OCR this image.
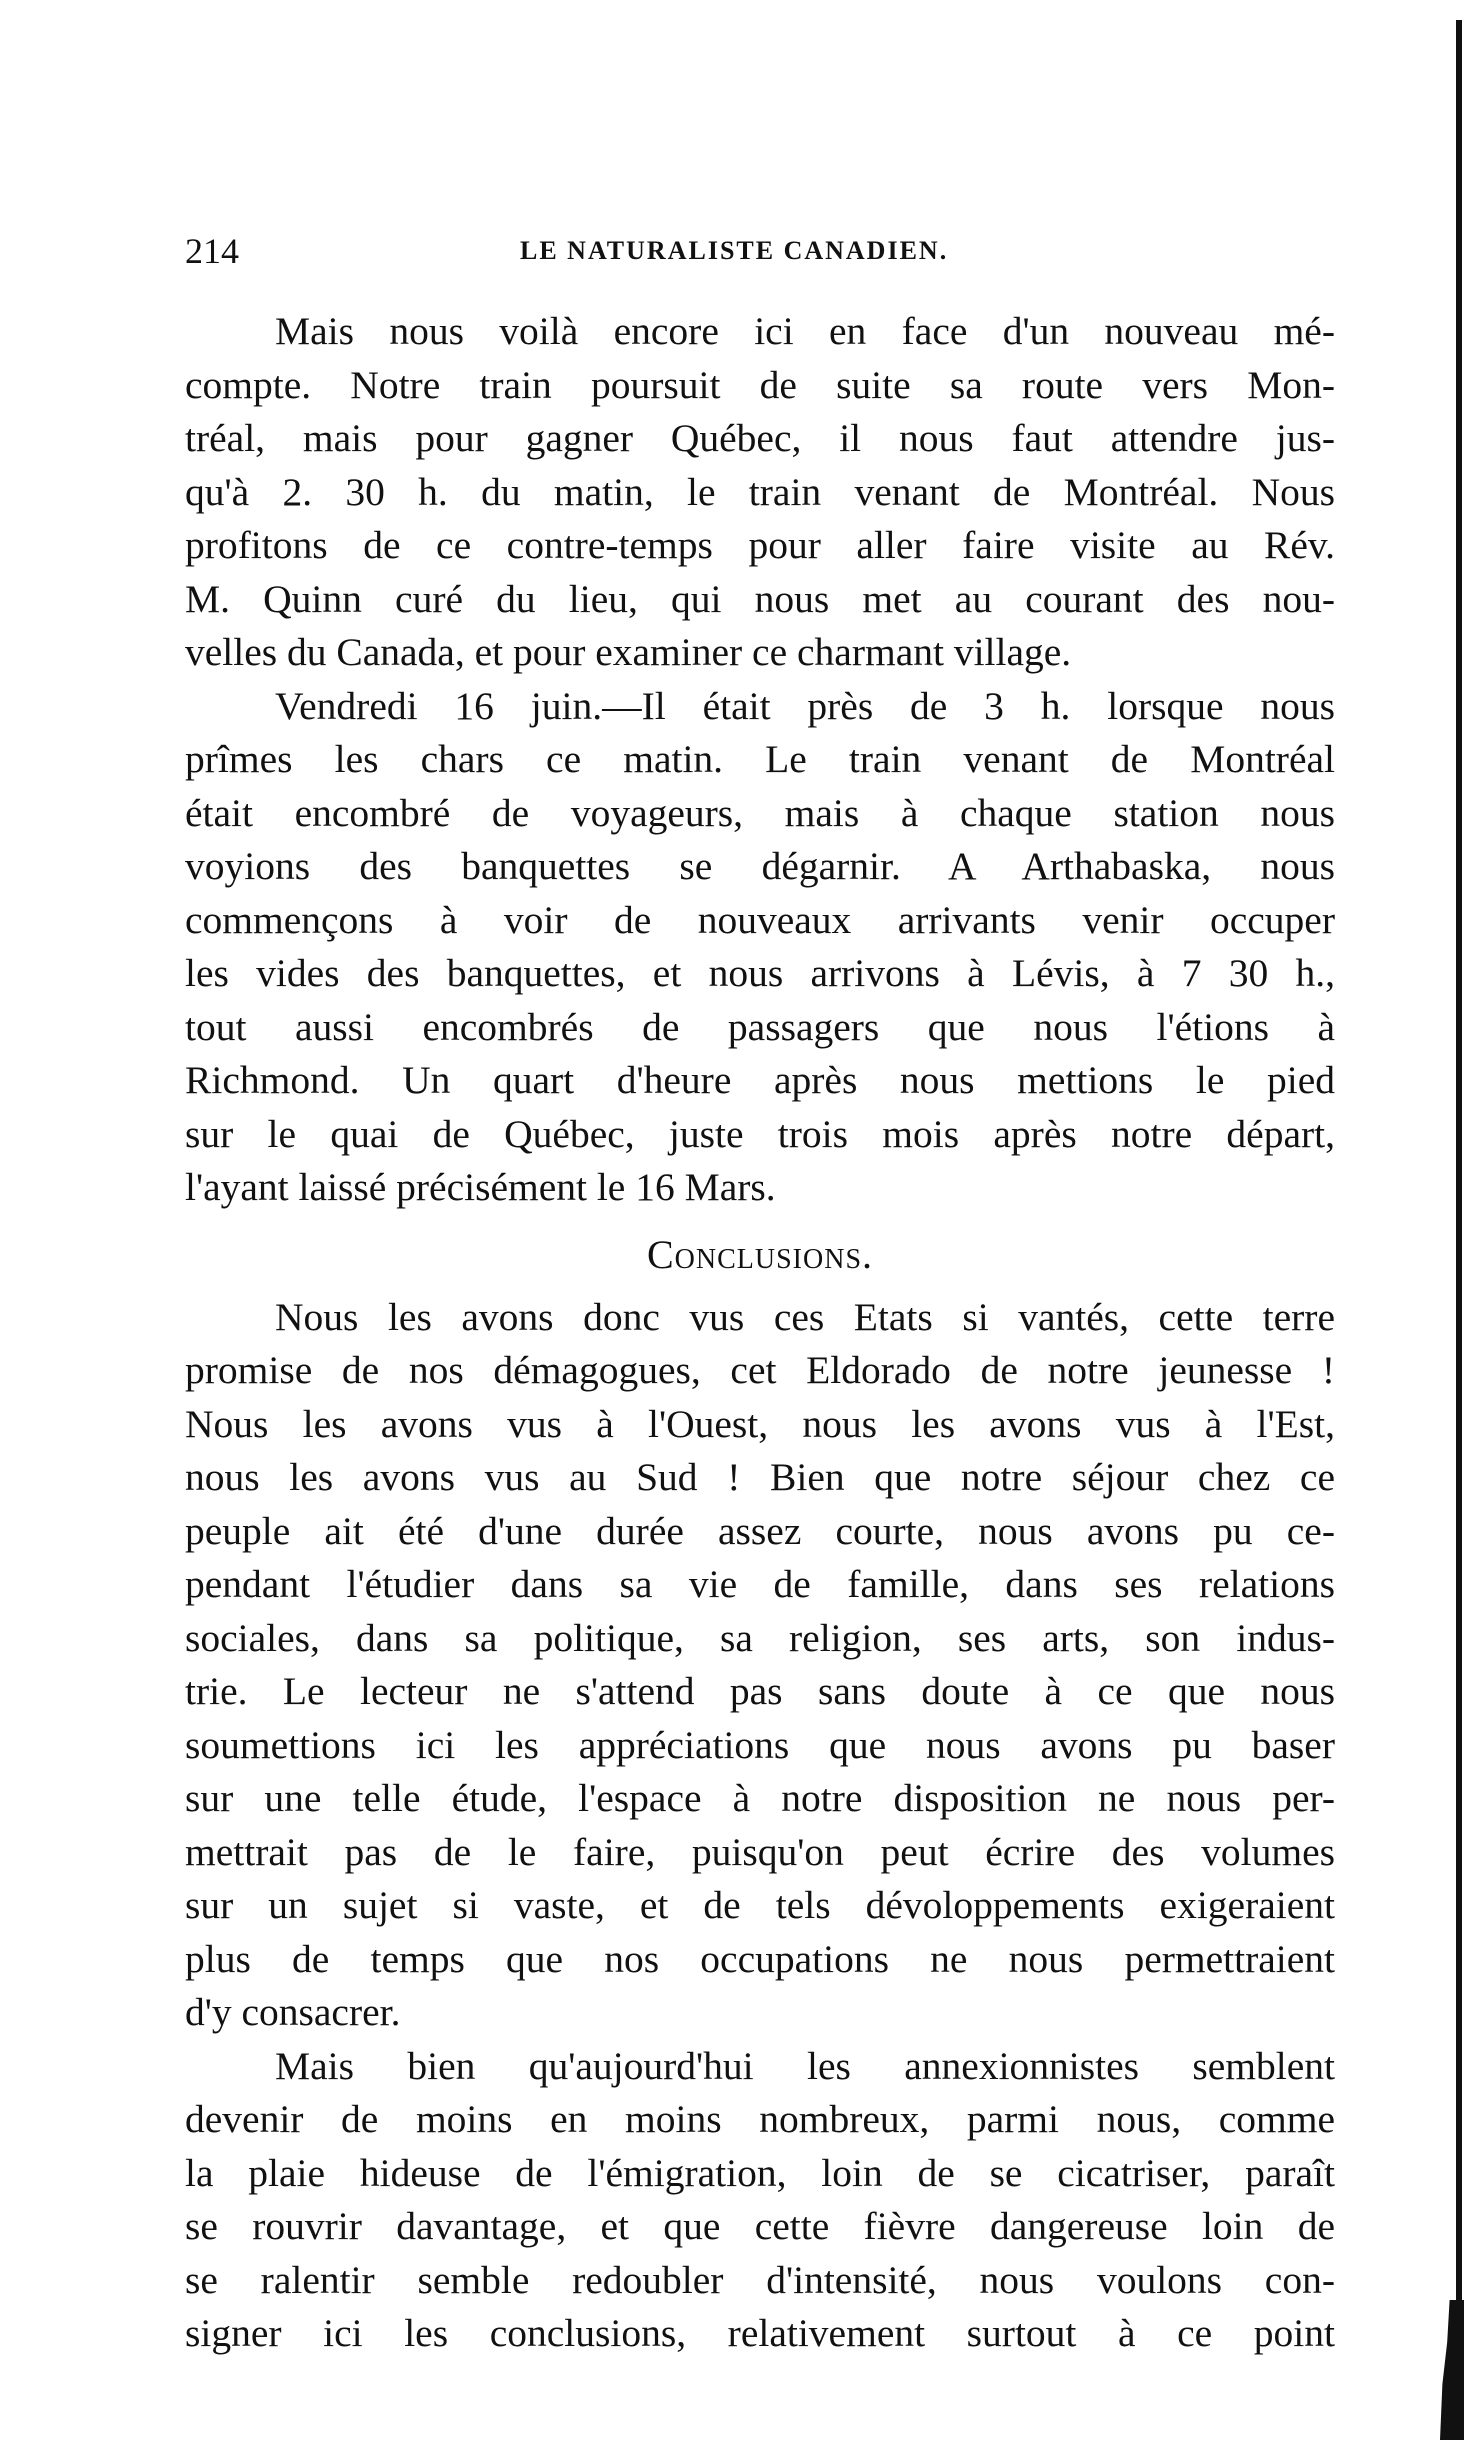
214	LE NATURALISTE CANADIEN.
Mais nous voilà encore ici en face d'un nouveau mé-
compte. Notre train poursuit de suite sa route vers Mon-
tréal, mais pour gagner Québec, il nous faut attendre jus-
qu'à 2. 30 h. du matin, le train venant de Montréal. Nous
profitons de ce contre-temps pour aller faire visite au Rév.
M. Quinn curé du lieu, qui nous met au courant des nou-
velles du Canada, et pour examiner ce charmant village.
Vendredi 16 juin.—Il était près de 3 h. lorsque nous
prîmes les chars ce matin. Le train venant de Montréal
était encombré de voyageurs, mais à chaque station nous
voyions des banquettes se dégarnir. A Arthabaska, nous
commençons à voir de nouveaux arrivants venir occuper
les vides des banquettes, et nous arrivons à Lévis, à 7 30 h.,
tout aussi encombrés de passagers que nous l'étions à
Richmond. Un quart d'heure après nous mettions le pied
sur le quai de Québec, juste trois mois après notre départ,
l'ayant laissé précisément le 16 Mars.
Conclusions.
Nous les avons donc vus ces Etats si vantés, cette terre
promise de nos démagogues, cet Eldorado de notre jeunesse !
Nous les avons vus à l'Ouest, nous les avons vus à l'Est,
nous les avons vus au Sud ! Bien que notre séjour chez ce
peuple ait été d'une durée assez courte, nous avons pu ce-
pendant l'étudier dans sa vie de famille, dans ses relations
sociales, dans sa politique, sa religion, ses arts, son indus-
trie. Le lecteur ne s'attend pas sans doute à ce que nous
soumettions ici les appréciations que nous avons pu baser
sur une telle étude, l'espace à notre disposition ne nous per-
mettrait pas de le faire, puisqu'on peut écrire des volumes
sur un sujet si vaste, et de tels dévoloppements exigeraient
plus de temps que nos occupations ne nous permettraient
d'y consacrer.
Mais bien qu'aujourd'hui les annexionnistes semblent
devenir de moins en moins nombreux, parmi nous, comme
la plaie hideuse de l'émigration, loin de se cicatriser, paraît
se rouvrir davantage, et que cette fièvre dangereuse loin de
se ralentir semble redoubler d'intensité, nous voulons con-
signer ici les conclusions, relativement surtout à ce point
